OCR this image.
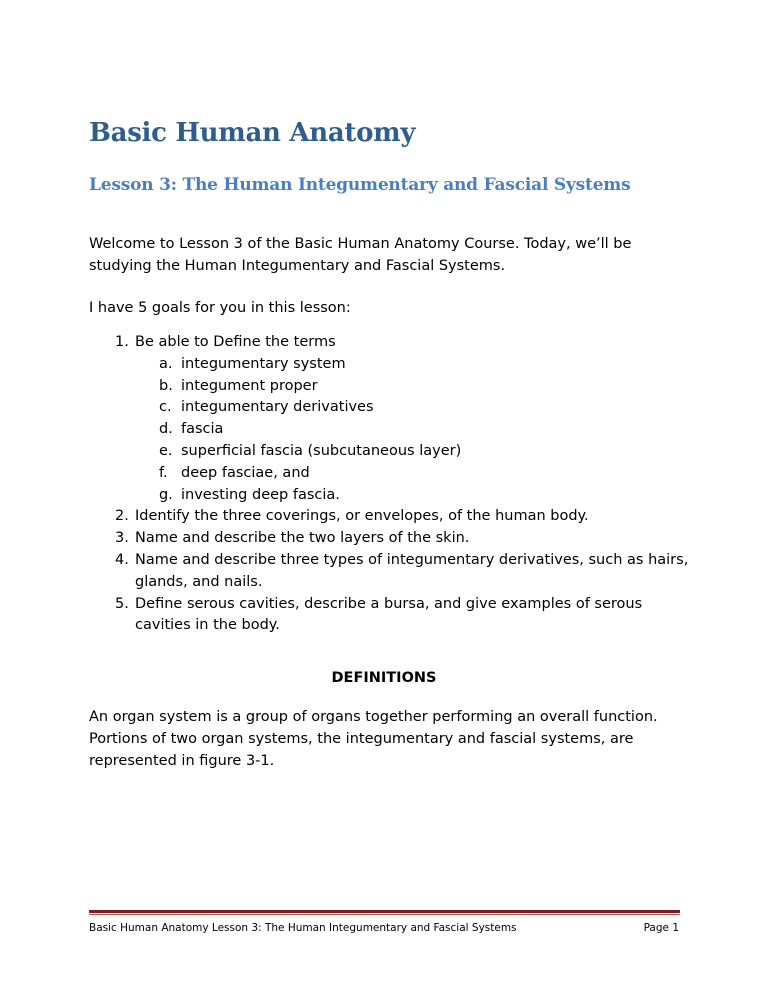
Basic Human Anatomy
Lesson 3: The Human Integumentary and Fascial Systems

Welcome to Lesson 3 of the Basic Human Anatomy Course. Today, we’ll be studying the Human Integumentary and Fascial Systems.

I have 5 goals for you in this lesson:

1. Be able to Define the terms
a. integumentary system
b. integument proper
c. integumentary derivatives
d. fascia
e. superficial fascia (subcutaneous layer)
f. deep fasciae, and
g. investing deep fascia.
2. Identify the three coverings, or envelopes, of the human body.
3. Name and describe the two layers of the skin.
4. Name and describe three types of integumentary derivatives, such as hairs, glands, and nails.
5. Define serous cavities, describe a bursa, and give examples of serous cavities in the body.

DEFINITIONS

An organ system is a group of organs together performing an overall function. Portions of two organ systems, the integumentary and fascial systems, are represented in figure 3-1.

Basic Human Anatomy Lesson 3: The Human Integumentary and Fascial Systems	Page 1
